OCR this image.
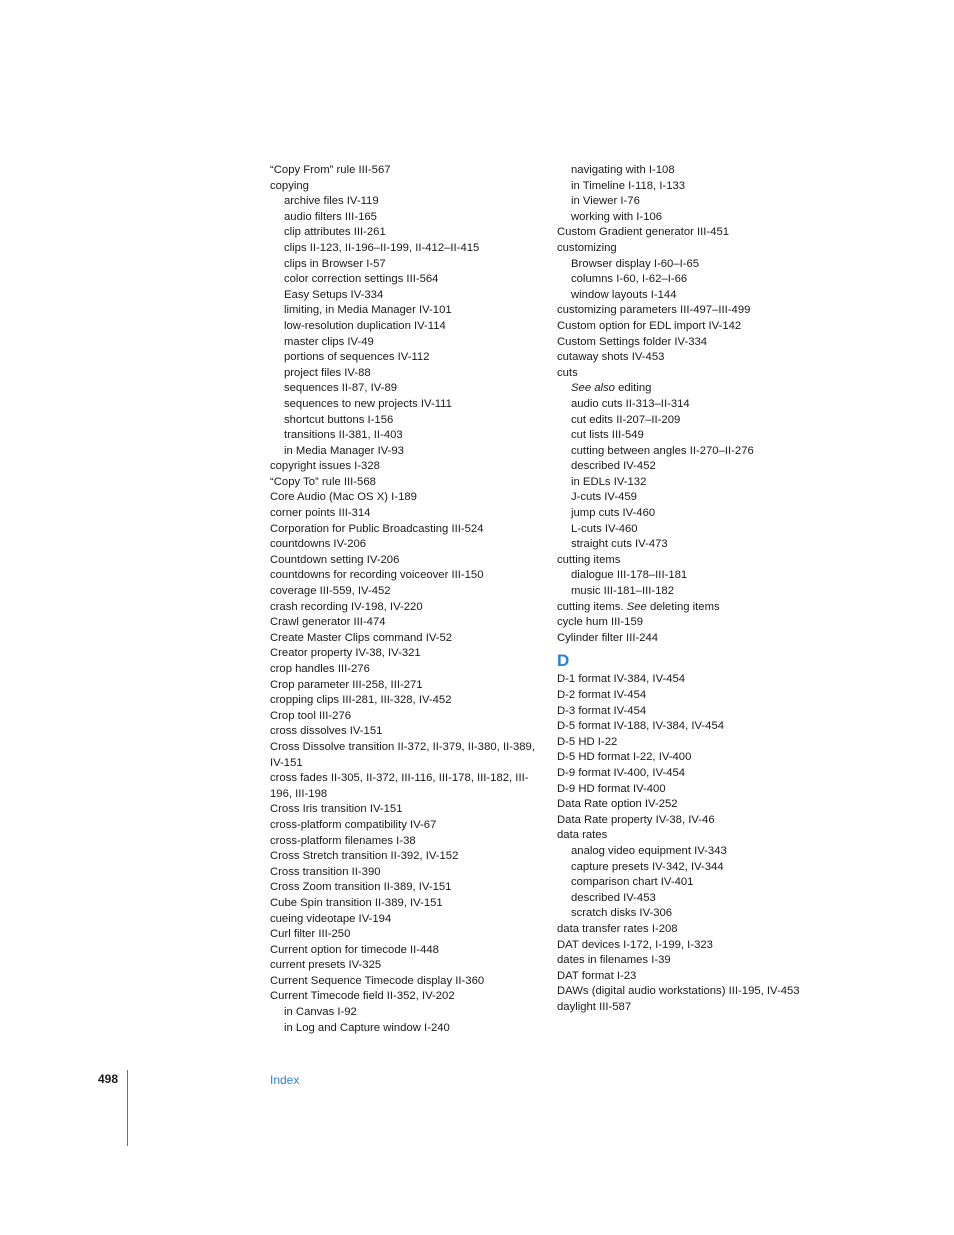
“Copy From” rule III-567
copying
archive files IV-119
audio filters III-165
clip attributes III-261
clips II-123, II-196–II-199, II-412–II-415
clips in Browser I-57
color correction settings III-564
Easy Setups IV-334
limiting, in Media Manager IV-101
low-resolution duplication IV-114
master clips IV-49
portions of sequences IV-112
project files IV-88
sequences II-87, IV-89
sequences to new projects IV-111
shortcut buttons I-156
transitions II-381, II-403
in Media Manager IV-93
copyright issues I-328
“Copy To” rule III-568
Core Audio (Mac OS X) I-189
corner points III-314
Corporation for Public Broadcasting III-524
countdowns IV-206
Countdown setting IV-206
countdowns for recording voiceover III-150
coverage III-559, IV-452
crash recording IV-198, IV-220
Crawl generator III-474
Create Master Clips command IV-52
Creator property IV-38, IV-321
crop handles III-276
Crop parameter III-258, III-271
cropping clips III-281, III-328, IV-452
Crop tool III-276
cross dissolves IV-151
Cross Dissolve transition II-372, II-379, II-380, II-389, IV-151
cross fades II-305, II-372, III-116, III-178, III-182, III-196, III-198
Cross Iris transition IV-151
cross-platform compatibility IV-67
cross-platform filenames I-38
Cross Stretch transition II-392, IV-152
Cross transition II-390
Cross Zoom transition II-389, IV-151
Cube Spin transition II-389, IV-151
cueing videotape IV-194
Curl filter III-250
Current option for timecode II-448
current presets IV-325
Current Sequence Timecode display II-360
Current Timecode field II-352, IV-202
in Canvas I-92
in Log and Capture window I-240
navigating with I-108
in Timeline I-118, I-133
in Viewer I-76
working with I-106
Custom Gradient generator III-451
customizing
Browser display I-60–I-65
columns I-60, I-62–I-66
window layouts I-144
customizing parameters III-497–III-499
Custom option for EDL import IV-142
Custom Settings folder IV-334
cutaway shots IV-453
cuts
See also editing
audio cuts II-313–II-314
cut edits II-207–II-209
cut lists III-549
cutting between angles II-270–II-276
described IV-452
in EDLs IV-132
J-cuts IV-459
jump cuts IV-460
L-cuts IV-460
straight cuts IV-473
cutting items
dialogue III-178–III-181
music III-181–III-182
cutting items. See deleting items
cycle hum III-159
Cylinder filter III-244
D
D-1 format IV-384, IV-454
D-2 format IV-454
D-3 format IV-454
D-5 format IV-188, IV-384, IV-454
D-5 HD I-22
D-5 HD format I-22, IV-400
D-9 format IV-400, IV-454
D-9 HD format IV-400
Data Rate option IV-252
Data Rate property IV-38, IV-46
data rates
analog video equipment IV-343
capture presets IV-342, IV-344
comparison chart IV-401
described IV-453
scratch disks IV-306
data transfer rates I-208
DAT devices I-172, I-199, I-323
dates in filenames I-39
DAT format I-23
DAWs (digital audio workstations) III-195, IV-453
daylight III-587
498	Index
